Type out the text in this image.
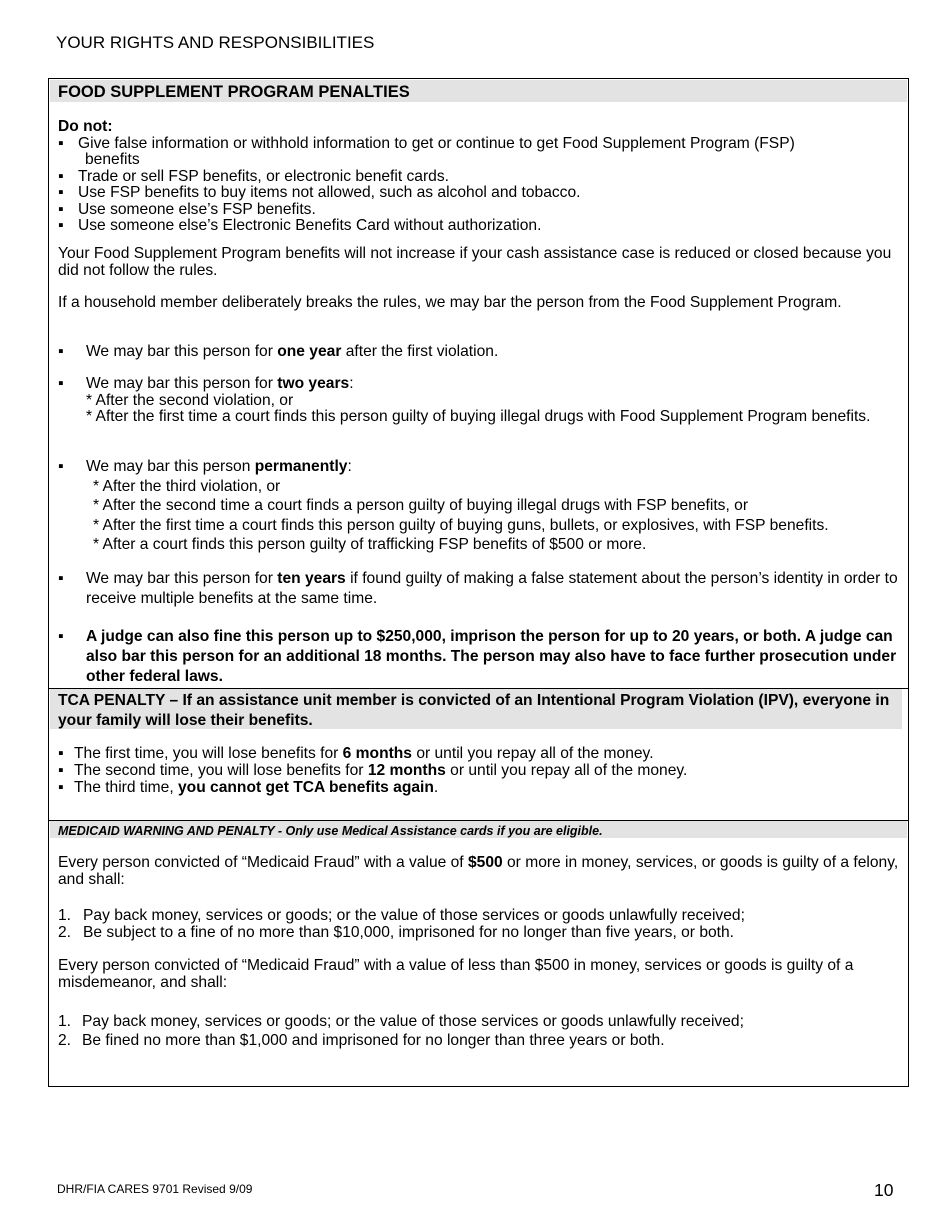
YOUR RIGHTS AND RESPONSIBILITIES
FOOD SUPPLEMENT PROGRAM PENALTIES
Do not:
▪ Give false information or withhold information to get or continue to get Food Supplement Program (FSP)
benefits
▪ Trade or sell FSP benefits, or electronic benefit cards.
▪ Use FSP benefits to buy items not allowed, such as alcohol and tobacco.
▪ Use someone else’s FSP benefits.
▪ Use someone else’s Electronic Benefits Card without authorization.
Your Food Supplement Program benefits will not increase if your cash assistance case is reduced or closed because you did not follow the rules.
If a household member deliberately breaks the rules, we may bar the person from the Food Supplement Program.
▪ We may bar this person for one year after the first violation.
▪ We may bar this person for two years:
* After the second violation, or
* After the first time a court finds this person guilty of buying illegal drugs with Food Supplement Program benefits.
▪ We may bar this person permanently:
* After the third violation, or
* After the second time a court finds a person guilty of buying illegal drugs with FSP benefits, or
* After the first time a court finds this person guilty of buying guns, bullets, or explosives, with FSP benefits.
* After a court finds this person guilty of trafficking FSP benefits of $500 or more.
▪ We may bar this person for ten years if found guilty of making a false statement about the person’s identity in order to receive multiple benefits at the same time.
▪ A judge can also fine this person up to $250,000, imprison the person for up to 20 years, or both. A judge can also bar this person for an additional 18 months. The person may also have to face further prosecution under other federal laws.
TCA PENALTY – If an assistance unit member is convicted of an Intentional Program Violation (IPV), everyone in your family will lose their benefits.
▪ The first time, you will lose benefits for 6 months or until you repay all of the money.
▪ The second time, you will lose benefits for 12 months or until you repay all of the money.
▪ The third time, you cannot get TCA benefits again.
MEDICAID WARNING AND PENALTY - Only use Medical Assistance cards if you are eligible.
Every person convicted of “Medicaid Fraud” with a value of $500 or more in money, services, or goods is guilty of a felony, and shall:
1. Pay back money, services or goods; or the value of those services or goods unlawfully received;
2. Be subject to a fine of no more than $10,000, imprisoned for no longer than five years, or both.
Every person convicted of “Medicaid Fraud” with a value of less than $500 in money, services or goods is guilty of a misdemeanor, and shall:
1. Pay back money, services or goods; or the value of those services or goods unlawfully received;
2. Be fined no more than $1,000 and imprisoned for no longer than three years or both.
DHR/FIA CARES 9701 Revised 9/09	10
